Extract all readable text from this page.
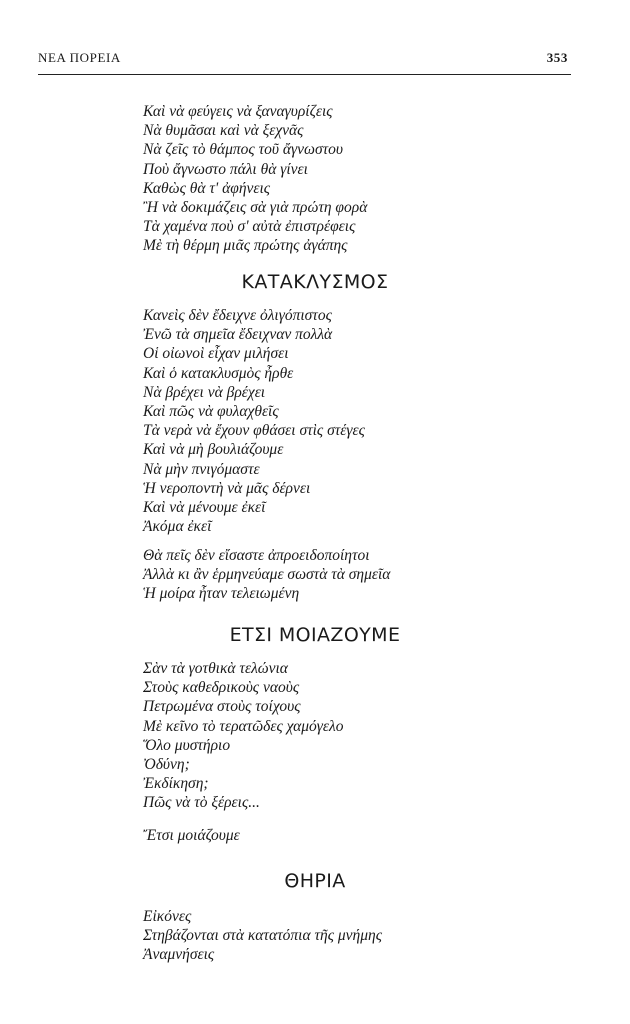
ΝΕΑ ΠΟΡΕΙΑ	353
Καὶ νὰ φεύγεις νὰ ξαναγυρίζεις
Νὰ θυμᾶσαι καὶ νὰ ξεχνᾶς
Νὰ ζεῖς τὸ θάμπος τοῦ ἄγνωστου
Ποὺ ἄγνωστο πάλι θὰ γίνει
Καθὼς θὰ τ' ἀφήνεις
Ἢ νὰ δοκιμάζεις σὰ γιὰ πρώτη φορὰ
Τὰ χαμένα ποὺ σ' αὐτὰ ἐπιστρέφεις
Μὲ τὴ θέρμη μιᾶς πρώτης ἀγάπης
ΚΑΤΑΚΛΥΣΜΟΣ
Κανεὶς δὲν ἔδειχνε ὀλιγόπιστος
Ἐνῶ τὰ σημεῖα ἔδειχναν πολλὰ
Οἱ οἰωνοὶ εἶχαν μιλήσει
Καὶ ὁ κατακλυσμὸς ἦρθε
Νὰ βρέχει νὰ βρέχει
Καὶ πῶς νὰ φυλαχθεῖς
Τὰ νερὰ νὰ ἔχουν φθάσει στὶς στέγες
Καὶ νὰ μὴ βουλιάζουμε
Νὰ μὴν πνιγόμαστε
Ἡ νεροποντὴ νὰ μᾶς δέρνει
Καὶ νὰ μένουμε ἐκεῖ
Ἀκόμα ἐκεῖ
Θὰ πεῖς δὲν εἴσαστε ἀπροειδοποίητοι
Ἀλλὰ κι ἂν ἑρμηνεύαμε σωστὰ τὰ σημεῖα
Ἡ μοίρα ἦταν τελειωμένη
ΕΤΣΙ ΜΟΙΑΖΟΥΜΕ
Σὰν τὰ γοτθικὰ τελώνια
Στοὺς καθεδρικοὺς ναοὺς
Πετρωμένα στοὺς τοίχους
Μὲ κεῖνο τὸ τερατῶδες χαμόγελο
Ὅλο μυστήριο
Ὀδύνη;
Ἐκδίκηση;
Πῶς νὰ τὸ ξέρεις...
Ἔτσι μοιάζουμε
ΘΗΡΙΑ
Εἰκόνες
Στηβάζονται στὰ κατατόπια τῆς μνήμης
Ἀναμνήσεις
